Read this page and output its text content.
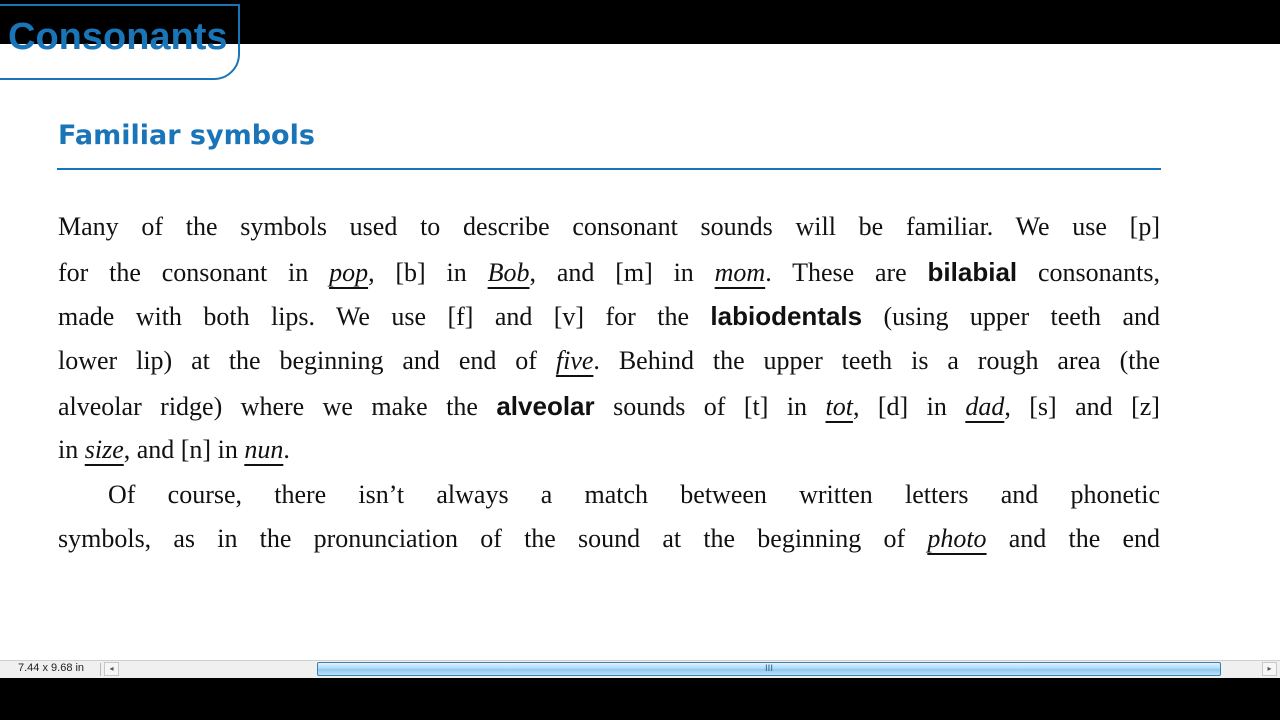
Consonants
Familiar symbols
Many of the symbols used to describe consonant sounds will be familiar. We use [p]
for the consonant in pop, [b] in Bob, and [m] in mom. These are bilabial consonants,
made with both lips. We use [f] and [v] for the labiodentals (using upper teeth and
lower lip) at the beginning and end of five. Behind the upper teeth is a rough area (the
alveolar ridge) where we make the alveolar sounds of [t] in tot, [d] in dad, [s] and [z]
in size, and [n] in nun.
Of course, there isn’t always a match between written letters and phonetic
symbols, as in the pronunciation of the sound at the beginning of photo and the end
7.44 x 9.68 in	◂	III	▸
